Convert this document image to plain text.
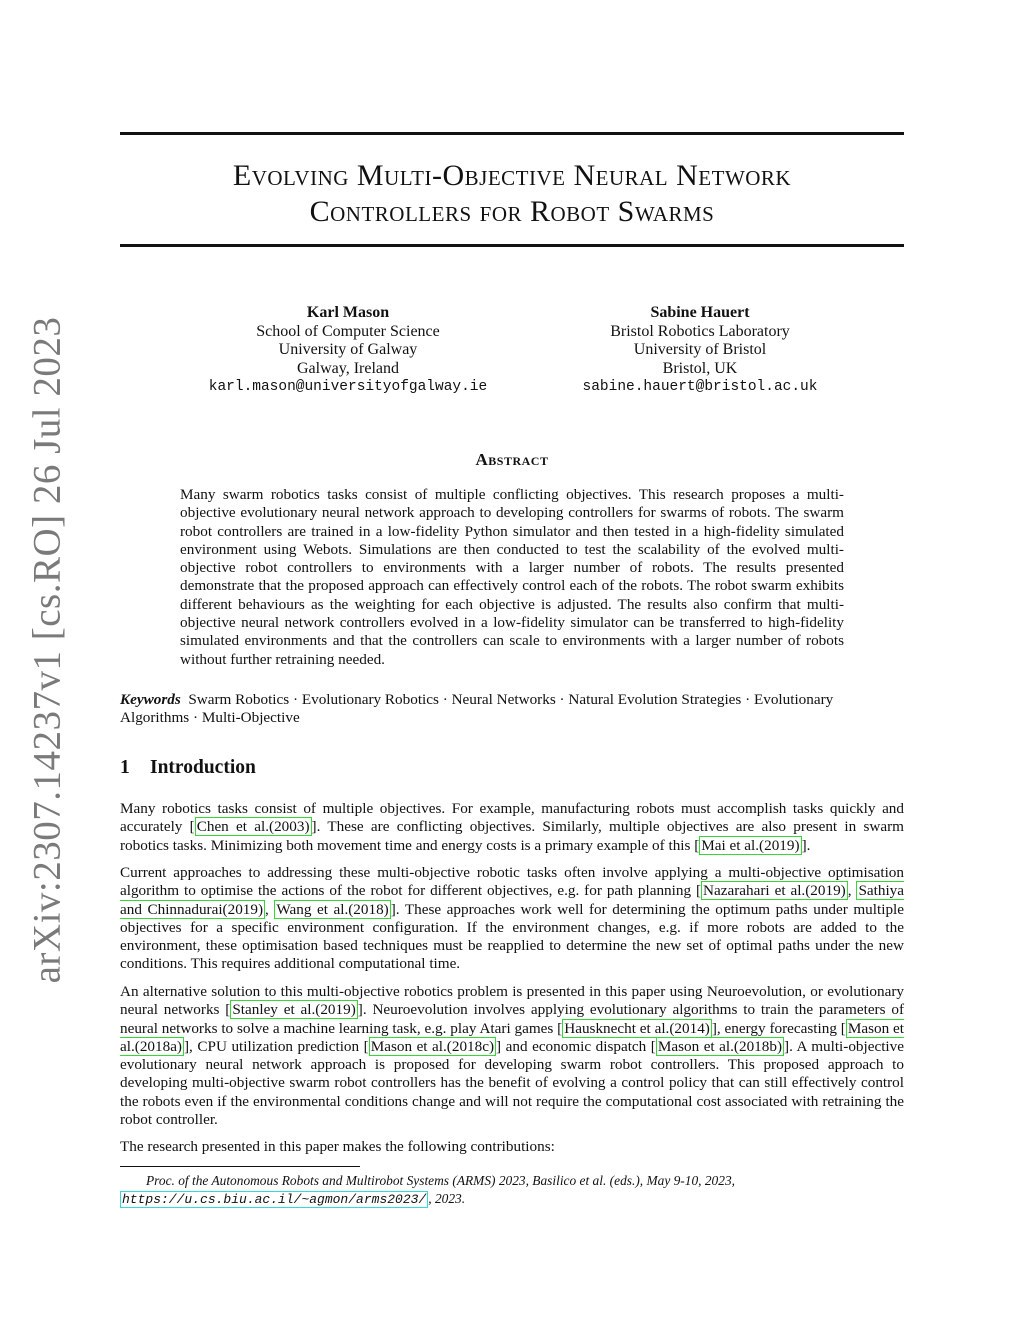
arXiv:2307.14237v1 [cs.RO] 26 Jul 2023
Evolving Multi-Objective Neural Network
Controllers for Robot Swarms
Karl Mason
School of Computer Science
University of Galway
Galway, Ireland
karl.mason@universityofgalway.ie
Sabine Hauert
Bristol Robotics Laboratory
University of Bristol
Bristol, UK
sabine.hauert@bristol.ac.uk
Abstract

Many swarm robotics tasks consist of multiple conflicting objectives. This research proposes a multi-objective evolutionary neural network approach to developing controllers for swarms of robots. The swarm robot controllers are trained in a low-fidelity Python simulator and then tested in a high-fidelity simulated environment using Webots. Simulations are then conducted to test the scalability of the evolved multi-objective robot controllers to environments with a larger number of robots. The results presented demonstrate that the proposed approach can effectively control each of the robots. The robot swarm exhibits different behaviours as the weighting for each objective is adjusted. The results also confirm that multi-objective neural network controllers evolved in a low-fidelity simulator can be transferred to high-fidelity simulated environments and that the controllers can scale to environments with a larger number of robots without further retraining needed.

Keywords Swarm Robotics · Evolutionary Robotics · Neural Networks · Natural Evolution Strategies · Evolutionary Algorithms · Multi-Objective

1 Introduction

Many robotics tasks consist of multiple objectives. For example, manufacturing robots must accomplish tasks quickly and accurately [ Chen et al.(2003) ]. These are conflicting objectives. Similarly, multiple objectives are also present in swarm robotics tasks. Minimizing both movement time and energy costs is a primary example of this [ Mai et al.(2019) ].

Current approaches to addressing these multi-objective robotic tasks often involve applying a multi-objective optimisation algorithm to optimise the actions of the robot for different objectives, e.g. for path planning [ Nazarahari et al.(2019) , Sathiya and Chinnadurai(2019) , Wang et al.(2018) ]. These approaches work well for determining the optimum paths under multiple objectives for a specific environment configuration. If the environment changes, e.g. if more robots are added to the environment, these optimisation based techniques must be reapplied to determine the new set of optimal paths under the new conditions. This requires additional computational time.

An alternative solution to this multi-objective robotics problem is presented in this paper using Neuroevolution, or evolutionary neural networks [ Stanley et al.(2019) ]. Neuroevolution involves applying evolutionary algorithms to train the parameters of neural networks to solve a machine learning task, e.g. play Atari games [ Hausknecht et al.(2014) ], energy forecasting [ Mason et al.(2018a) ], CPU utilization prediction [ Mason et al.(2018c) ] and economic dispatch [ Mason et al.(2018b) ]. A multi-objective evolutionary neural network approach is proposed for developing swarm robot controllers. This proposed approach to developing multi-objective swarm robot controllers has the benefit of evolving a control policy that can still effectively control the robots even if the environmental conditions change and will not require the computational cost associated with retraining the robot controller.

The research presented in this paper makes the following contributions:

Proc. of the Autonomous Robots and Multirobot Systems (ARMS) 2023, Basilico et al. (eds.), May 9-10, 2023, https://u.cs.biu.ac.il/~agmon/arms2023/ , 2023.
